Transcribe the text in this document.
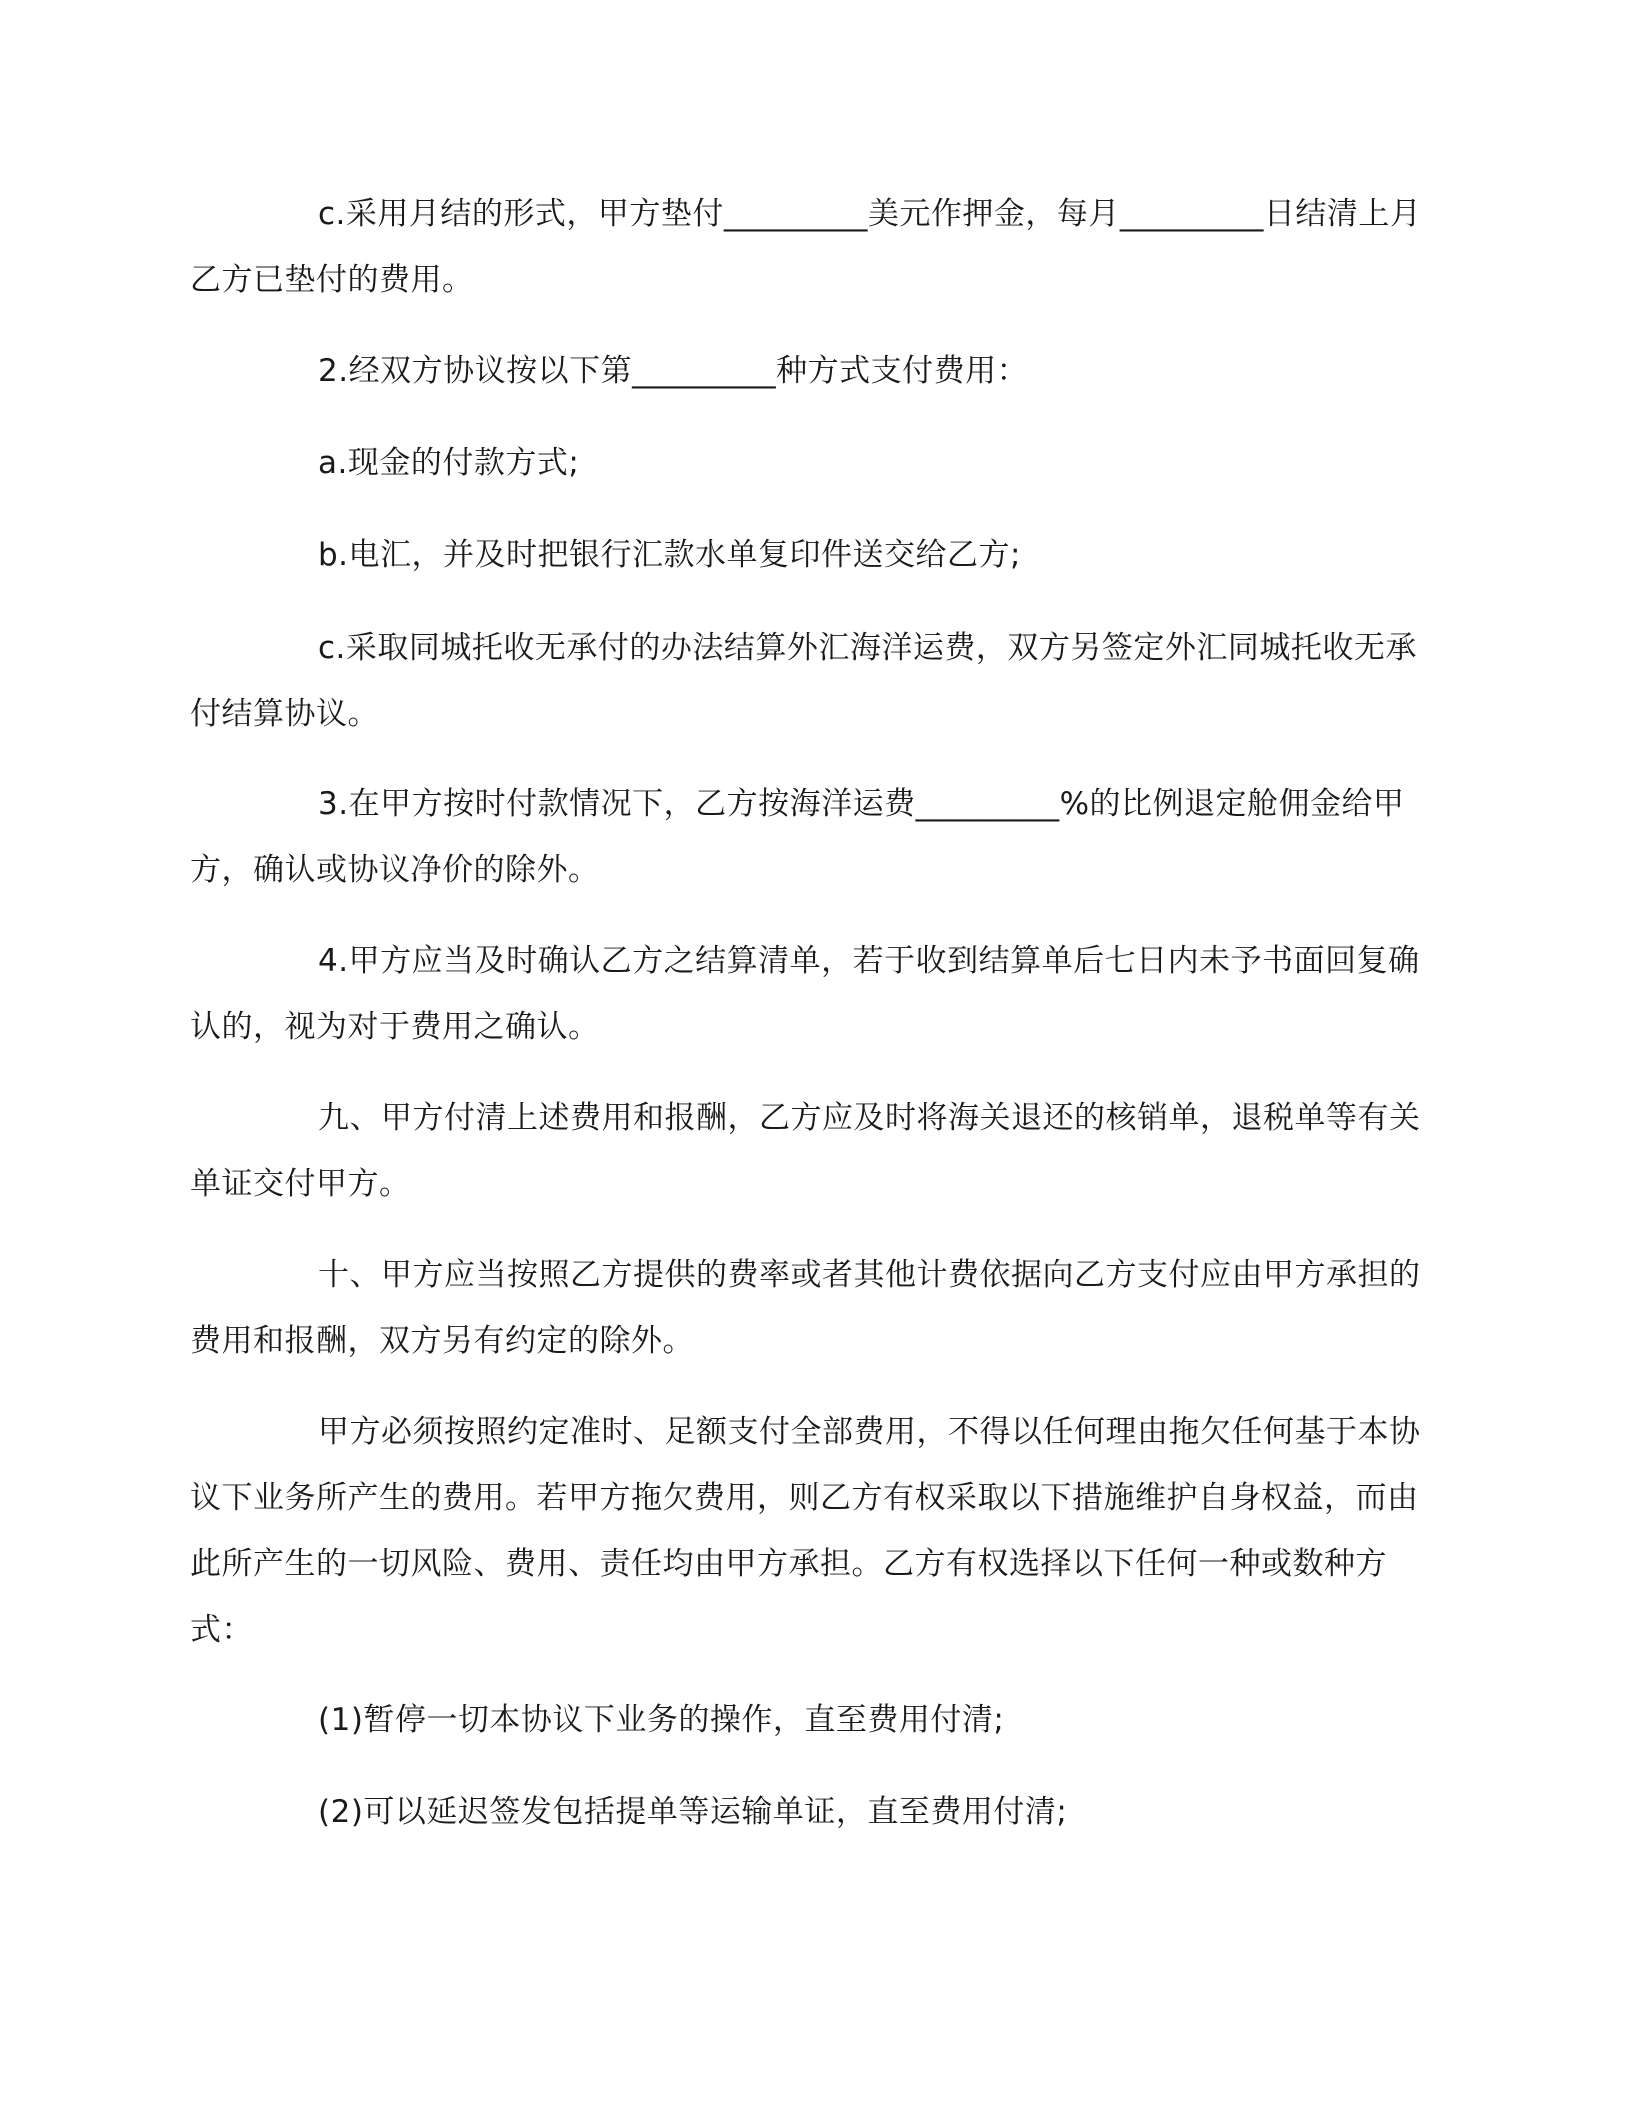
c.采用月结的形式，甲方垫付_________美元作押金，每月_________日结清上月乙方已垫付的费用。

2.经双方协议按以下第_________种方式支付费用：

a.现金的付款方式;

b.电汇，并及时把银行汇款水单复印件送交给乙方;

c.采取同城托收无承付的办法结算外汇海洋运费，双方另签定外汇同城托收无承付结算协议。

3.在甲方按时付款情况下，乙方按海洋运费_________%的比例退定舱佣金给甲方，确认或协议净价的除外。

4.甲方应当及时确认乙方之结算清单，若于收到结算单后七日内未予书面回复确认的，视为对于费用之确认。

九、甲方付清上述费用和报酬，乙方应及时将海关退还的核销单，退税单等有关单证交付甲方。

十、甲方应当按照乙方提供的费率或者其他计费依据向乙方支付应由甲方承担的费用和报酬，双方另有约定的除外。

甲方必须按照约定准时、足额支付全部费用，不得以任何理由拖欠任何基于本协议下业务所产生的费用。若甲方拖欠费用，则乙方有权采取以下措施维护自身权益，而由此所产生的一切风险、费用、责任均由甲方承担。乙方有权选择以下任何一种或数种方式：

(1)暂停一切本协议下业务的操作，直至费用付清;

(2)可以延迟签发包括提单等运输单证，直至费用付清;
